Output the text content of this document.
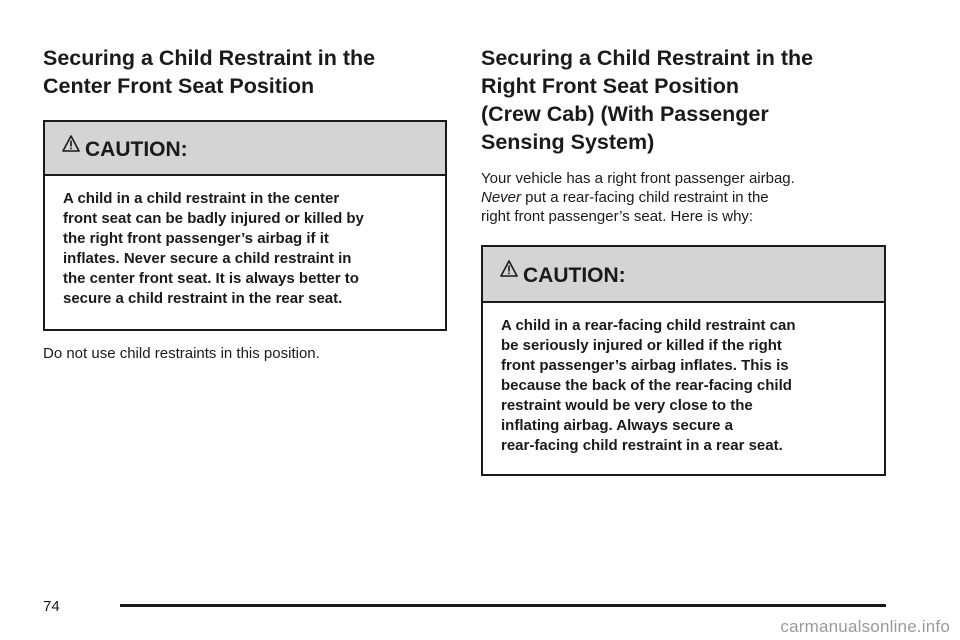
Securing a Child Restraint in the
Center Front Seat Position
CAUTION:
A child in a child restraint in the center
front seat can be badly injured or killed by
the right front passenger’s airbag if it
inflates. Never secure a child restraint in
the center front seat. It is always better to
secure a child restraint in the rear seat.
Do not use child restraints in this position.
Securing a Child Restraint in the
Right Front Seat Position
(Crew Cab) (With Passenger
Sensing System)
Your vehicle has a right front passenger airbag.
Never put a rear-facing child restraint in the
right front passenger’s seat. Here is why:
CAUTION:
A child in a rear-facing child restraint can
be seriously injured or killed if the right
front passenger’s airbag inflates. This is
because the back of the rear-facing child
restraint would be very close to the
inflating airbag. Always secure a
rear-facing child restraint in a rear seat.
74
carmanualsonline.info
